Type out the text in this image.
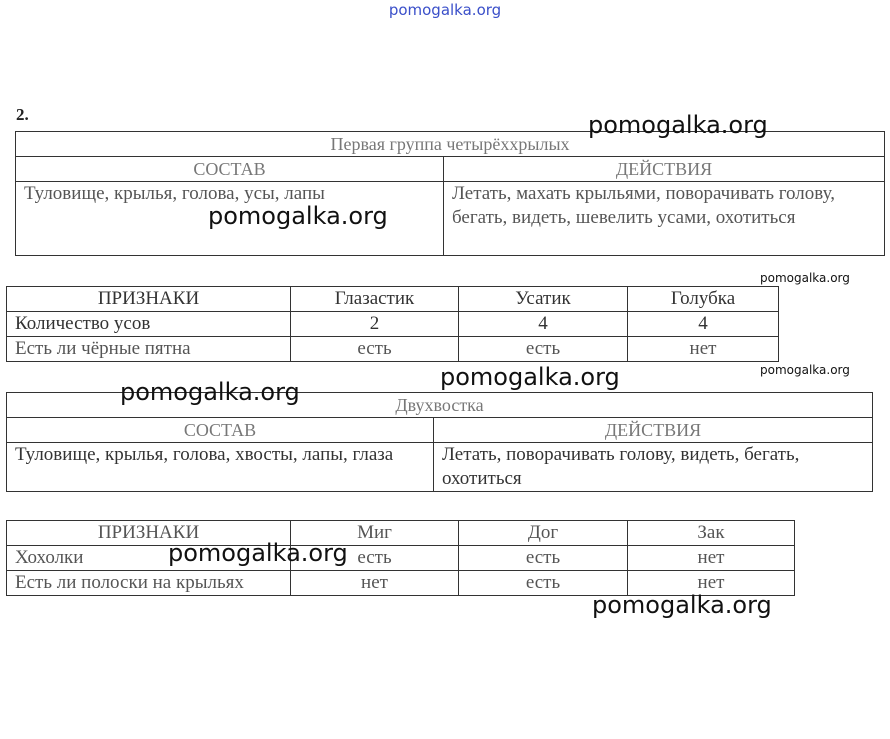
pomogalka.org
2.
Первая группа четырёххрылых	
СОСТАВ	ДЕЙСТВИЯ
Туловище, крылья, голова, усы, лапы	Летать, махать крыльями, поворачивать голову, бегать, видеть, шевелить усами, охотиться
ПРИЗНАКИ	Глазастик	Усатик	Голубка
Количество усов	2	4	4
Есть ли чёрные пятна	есть	есть	нет
Двухвостка	
СОСТАВ	ДЕЙСТВИЯ
Туловище, крылья, голова, хвосты, лапы, глаза	Летать, поворачивать голову, видеть, бегать, охотиться
ПРИЗНАКИ	Миг	Дог	Зак
Хохолки	есть	есть	нет
Есть ли полоски на крыльях	нет	есть	нет
pomogalka.org
pomogalka.org
pomogalka.org
pomogalka.org
pomogalka.org
pomogalka.org
pomogalka.org
pomogalka.org
